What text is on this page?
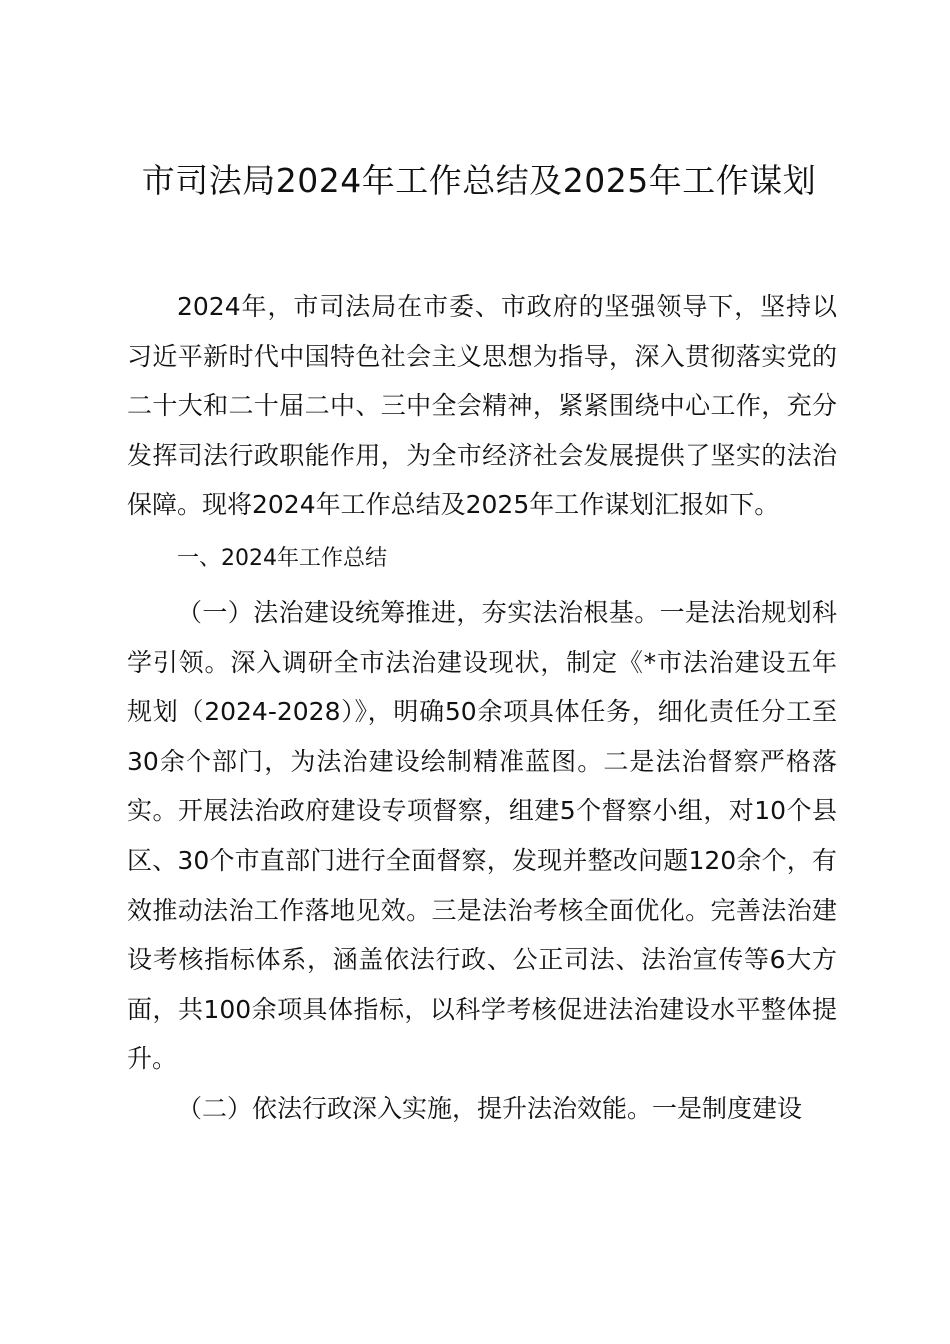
市司法局2024年工作总结及2025年工作谋划

2024年，市司法局在市委、市政府的坚强领导下，坚持以习近平新时代中国特色社会主义思想为指导，深入贯彻落实党的二十大和二十届二中、三中全会精神，紧紧围绕中心工作，充分发挥司法行政职能作用，为全市经济社会发展提供了坚实的法治保障。现将2024年工作总结及2025年工作谋划汇报如下。

一、2024年工作总结

（一）法治建设统筹推进，夯实法治根基。一是法治规划科学引领。深入调研全市法治建设现状，制定《*市法治建设五年规划（2024-2028）》，明确50余项具体任务，细化责任分工至30余个部门，为法治建设绘制精准蓝图。二是法治督察严格落实。开展法治政府建设专项督察，组建5个督察小组，对10个县区、30个市直部门进行全面督察，发现并整改问题120余个，有效推动法治工作落地见效。三是法治考核全面优化。完善法治建设考核指标体系，涵盖依法行政、公正司法、法治宣传等6大方面，共100余项具体指标，以科学考核促进法治建设水平整体提升。

（二）依法行政深入实施，提升法治效能。一是制度建设
